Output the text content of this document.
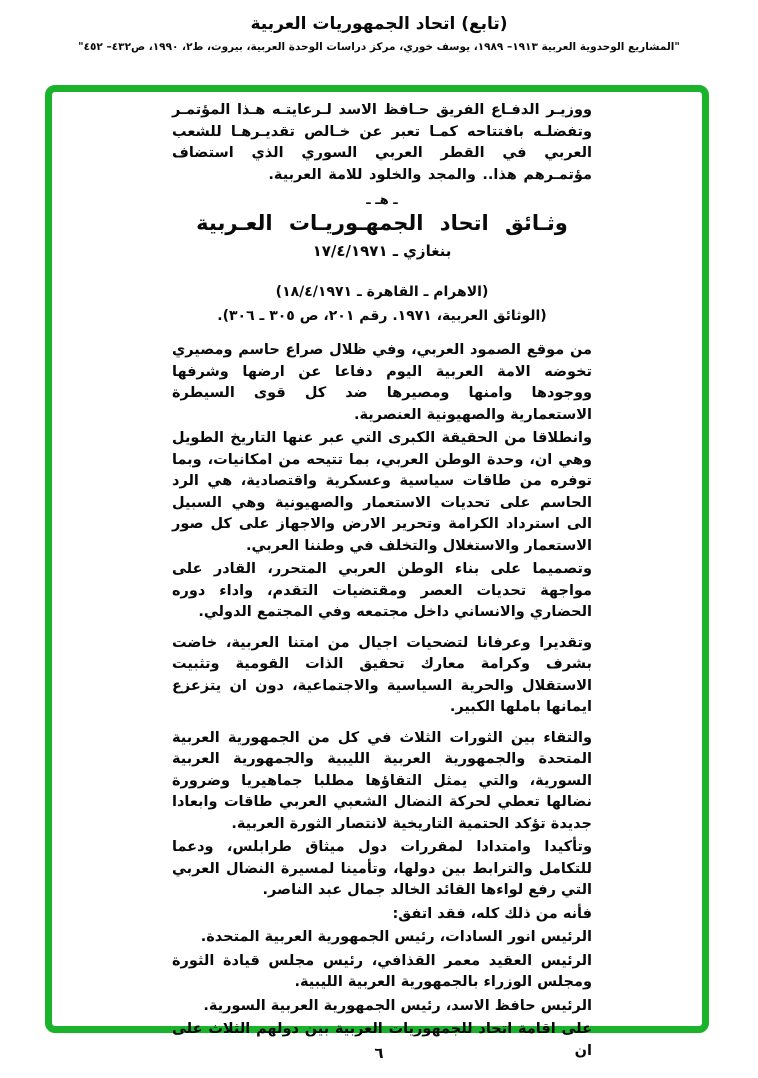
(تابع) اتحاد الجمهوريات العربية
"المشاريع الوحدوية العربية ١٩١٣– ١٩٨٩، يوسف خوري، مركز دراسات الوحدة العربية، بيروت، ط٢، ١٩٩٠، ص٤٣٢– ٤٥٢"

ووزيـر الدفـاع الفريق حـافظ الاسد لـرعايتـه هـذا المؤتمـر وتفضلـه بافتتاحه كمـا تعبر عن خـالص تقديـرهـا للشعب العربي في القطر العربي السوري الذي استضاف مؤتمـرهم هذا.. والمجد والخلود للامة العربية.

ـ هـ ـ
وثـائق اتحاد الجمهـوريـات العـربية
بنغازي ـ ١٧/٤/١٩٧١
(الاهرام ـ القاهرة ـ ١٨/٤/١٩٧١)
(الوثائق العربية، ١٩٧١. رقم ٢٠١، ص ٣٠٥ ـ ٣٠٦).

من موقع الصمود العربي، وفي ظلال صراع حاسم ومصيري تخوضه الامة العربية اليوم دفاعا عن ارضها وشرفها ووجودها وامنها ومصيرها ضد كل قوى السيطرة الاستعمارية والصهيونية العنصرية.

وانطلاقا من الحقيقة الكبرى التي عبر عنها التاريخ الطويل وهي ان، وحدة الوطن العربي، بما تتيحه من امكانيات، وبما توفره من طاقات سياسية وعسكرية واقتصادية، هي الرد الحاسم على تحديات الاستعمار والصهيونية وهي السبيل الى استرداد الكرامة وتحرير الارض والاجهاز على كل صور الاستعمار والاستغلال والتخلف في وطننا العربي.

وتصميما على بناء الوطن العربي المتحرر، القادر على مواجهة تحديات العصر ومقتضيات التقدم، واداء دوره الحضاري والانساني داخل مجتمعه وفي المجتمع الدولي.

وتقديرا وعرفانا لتضحيات اجيال من امتنا العربية، خاضت بشرف وكرامة معارك تحقيق الذات القومية وتثبيت الاستقلال والحرية السياسية والاجتماعية، دون ان يتزعزع ايمانها باملها الكبير.

والتقاء بين الثورات الثلاث في كل من الجمهورية العربية المتحدة والجمهورية العربية الليبية والجمهورية العربية السورية، والتي يمثل التقاؤها مطلبا جماهيريا وضرورة نضالها تعطي لحركة النضال الشعبي العربي طاقات وابعادا جديدة تؤكد الحتمية التاريخية لانتصار الثورة العربية.

وتأكيدا وامتدادا لمقررات دول ميثاق طرابلس، ودعما للتكامل والترابط بين دولها، وتأمينا لمسيرة النضال العربي التي رفع لواءها القائد الخالد جمال عبد الناصر.

فأنه من ذلك كله، فقد اتفق:

الرئيس انور السادات، رئيس الجمهورية العربية المتحدة.

الرئيس العقيد معمر القذافي، رئيس مجلس قيادة الثورة ومجلس الوزراء بالجمهورية العربية الليبية.

الرئيس حافظ الاسد، رئيس الجمهورية العربية السورية.

على اقامة اتحاد للجمهوريات العربية بين دولهم الثلاث على ان

٦
